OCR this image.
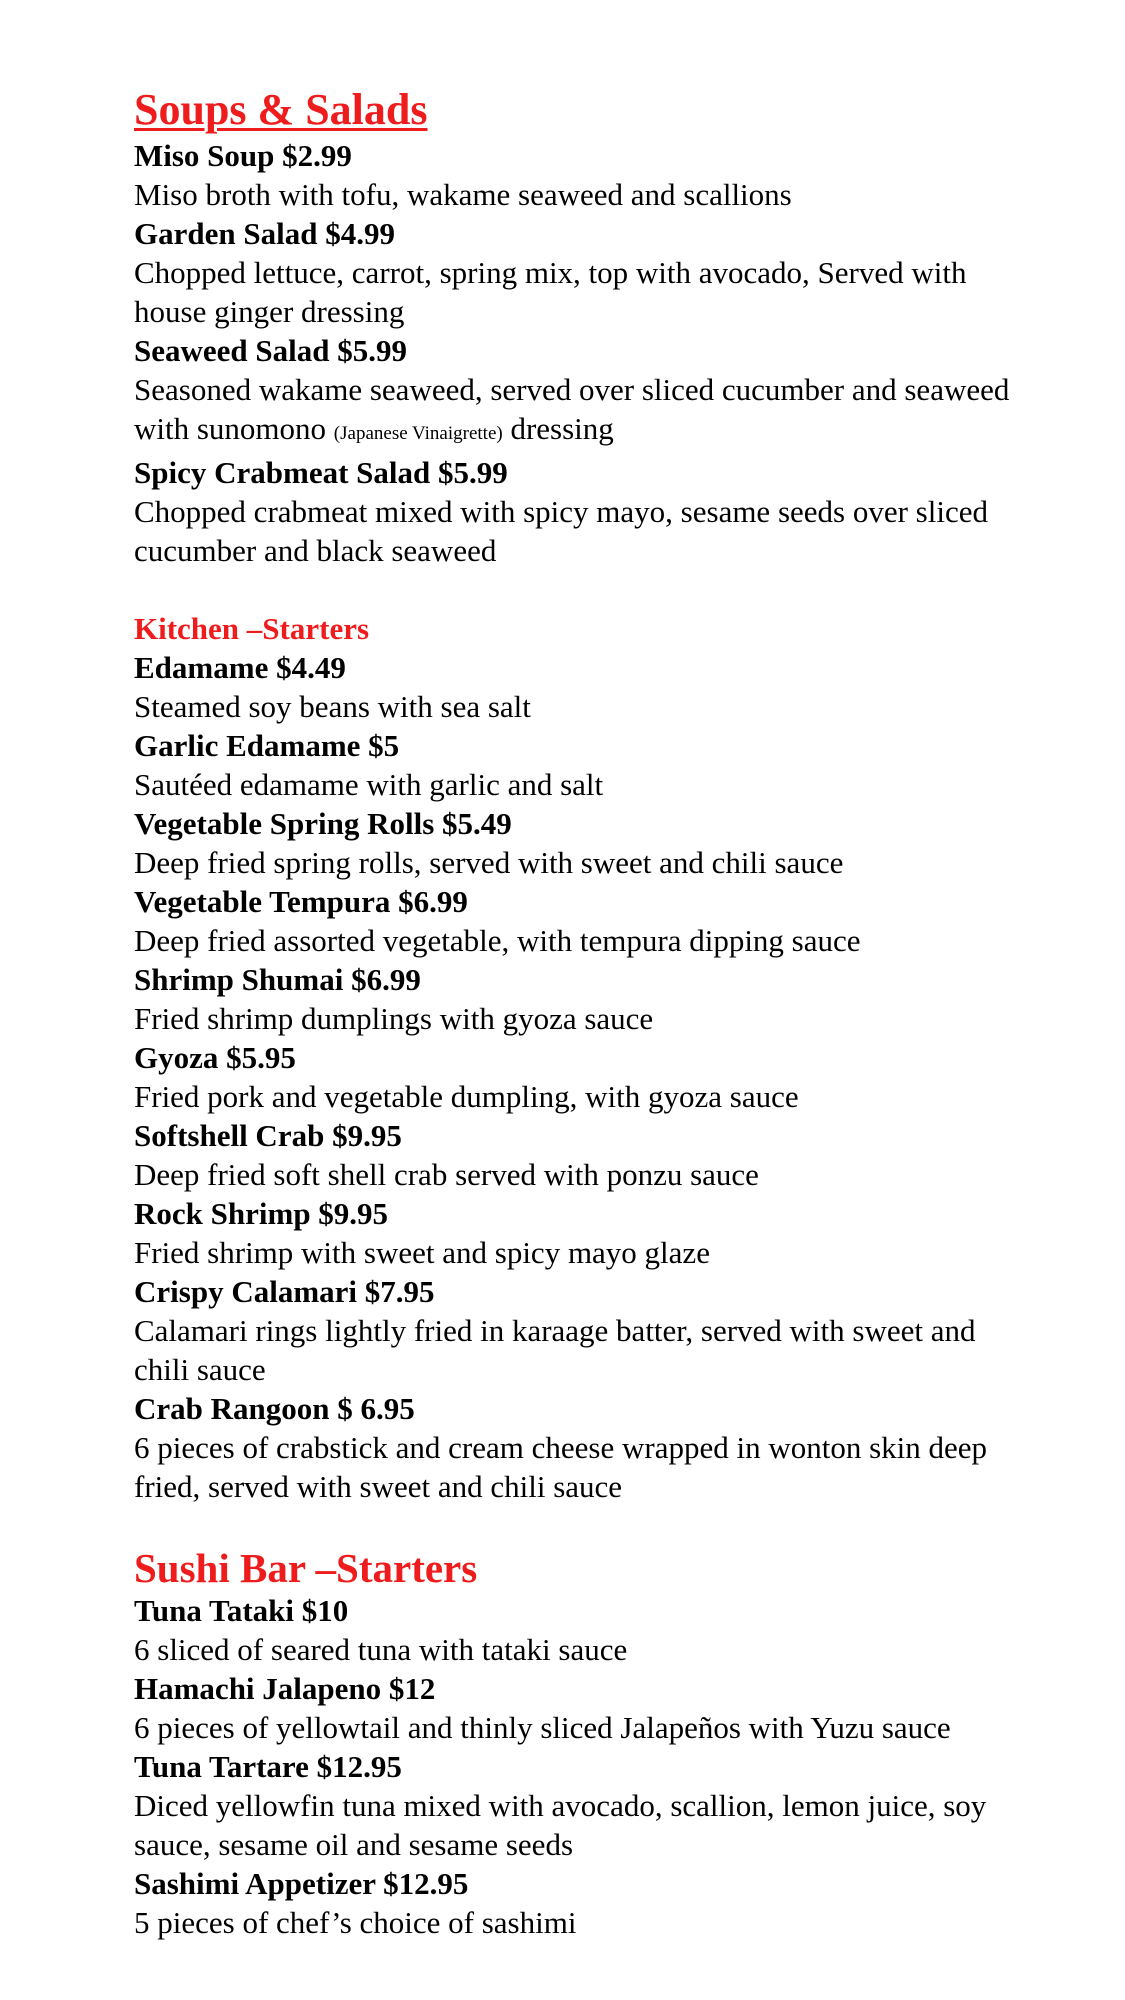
Soups & Salads

Miso Soup $2.99

Miso broth with tofu, wakame seaweed and scallions

Garden Salad $4.99

Chopped lettuce, carrot, spring mix, top with avocado, Served with house ginger dressing

Seaweed Salad $5.99

Seasoned wakame seaweed, served over sliced cucumber and seaweed with sunomono (Japanese Vinaigrette) dressing

Spicy Crabmeat Salad $5.99

Chopped crabmeat mixed with spicy mayo, sesame seeds over sliced cucumber and black seaweed

Kitchen –Starters

Edamame $4.49

Steamed soy beans with sea salt

Garlic Edamame $5

Sautéed edamame with garlic and salt

Vegetable Spring Rolls $5.49

Deep fried spring rolls, served with sweet and chili sauce

Vegetable Tempura $6.99

Deep fried assorted vegetable, with tempura dipping sauce

Shrimp Shumai $6.99

Fried shrimp dumplings with gyoza sauce

Gyoza $5.95

Fried pork and vegetable dumpling, with gyoza sauce

Softshell Crab $9.95

Deep fried soft shell crab served with ponzu sauce

Rock Shrimp $9.95

Fried shrimp with sweet and spicy mayo glaze

Crispy Calamari $7.95

Calamari rings lightly fried in karaage batter, served with sweet and chili sauce

Crab Rangoon $ 6.95

6 pieces of crabstick and cream cheese wrapped in wonton skin deep fried, served with sweet and chili sauce

Sushi Bar –Starters

Tuna Tataki $10

6 sliced of seared tuna with tataki sauce

Hamachi Jalapeno $12

6 pieces of yellowtail and thinly sliced Jalapeños with Yuzu sauce

Tuna Tartare $12.95

Diced yellowfin tuna mixed with avocado, scallion, lemon juice, soy sauce, sesame oil and sesame seeds

Sashimi Appetizer $12.95

5 pieces of chef’s choice of sashimi
